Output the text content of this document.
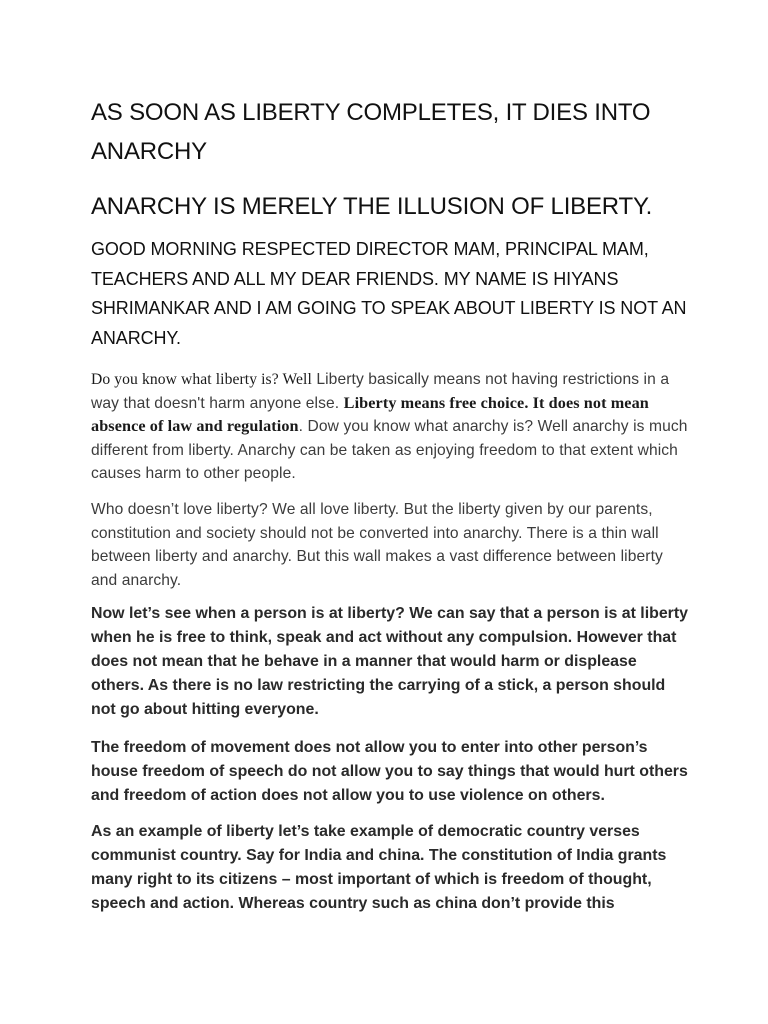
AS SOON AS LIBERTY COMPLETES, IT DIES INTO ANARCHY
ANARCHY IS MERELY THE ILLUSION OF LIBERTY.

GOOD MORNING RESPECTED DIRECTOR MAM, PRINCIPAL MAM, TEACHERS AND ALL MY DEAR FRIENDS. MY NAME IS HIYANS SHRIMANKAR AND I AM GOING TO SPEAK ABOUT LIBERTY IS NOT AN ANARCHY.

Do you know what liberty is? Well Liberty basically means not having restrictions in a way that doesn't harm anyone else. Liberty means free choice. It does not mean absence of law and regulation. Dow you know what anarchy is? Well anarchy is much different from liberty. Anarchy can be taken as enjoying freedom to that extent which causes harm to other people.

Who doesn’t love liberty? We all love liberty. But the liberty given by our parents, constitution and society should not be converted into anarchy. There is a thin wall between liberty and anarchy. But this wall makes a vast difference between liberty and anarchy.

Now let’s see when a person is at liberty? We can say that a person is at liberty when he is free to think, speak and act without any compulsion. However that does not mean that he behave in a manner that would harm or displease others. As there is no law restricting the carrying of a stick, a person should not go about hitting everyone.

The freedom of movement does not allow you to enter into other person’s house freedom of speech do not allow you to say things that would hurt others and freedom of action does not allow you to use violence on others.

As an example of liberty let’s take example of democratic country verses communist country. Say for India and china. The constitution of India grants many right to its citizens – most important of which is freedom of thought, speech and action. Whereas country such as china don’t provide this
